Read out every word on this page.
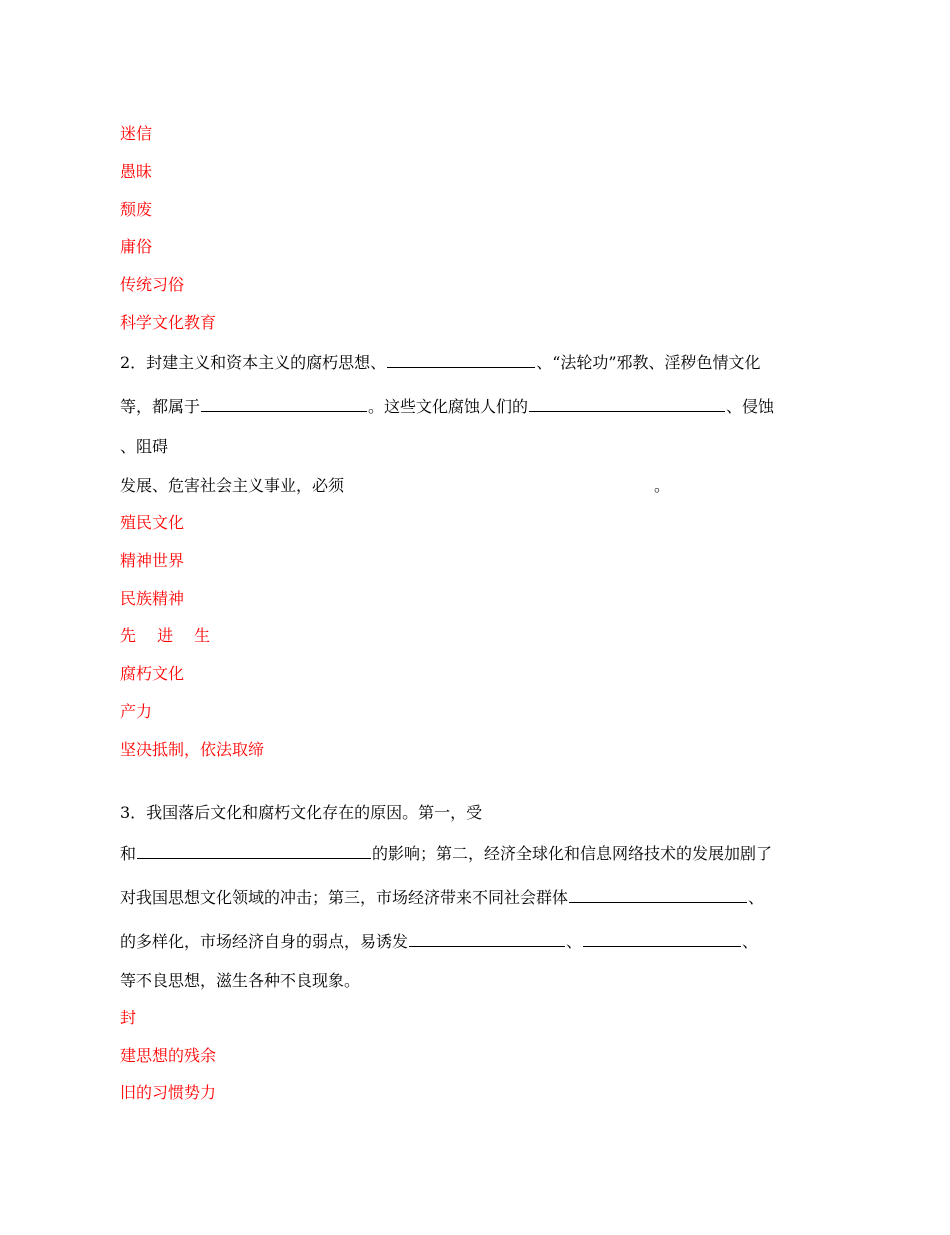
迷信
愚昧
颓废
庸俗
传统习俗
科学文化教育
2．封建主义和资本主义的腐朽思想、	、“法轮功”邪教、淫秽色情文化
等，都属于	。这些文化腐蚀人们的	、侵蚀
、阻碍
发展、危害社会主义事业，必须	。
殖民文化
精神世界
民族精神
先 进 生
腐朽文化
产力
坚决抵制，依法取缔
3．我国落后文化和腐朽文化存在的原因。第一，受
和	的影响；第二，经济全球化和信息网络技术的发展加剧了
对我国思想文化领域的冲击；第三，市场经济带来不同社会群体	、
的多样化，市场经济自身的弱点，易诱发	、	、
等不良思想，滋生各种不良现象。
封
建思想的残余
旧的习惯势力
